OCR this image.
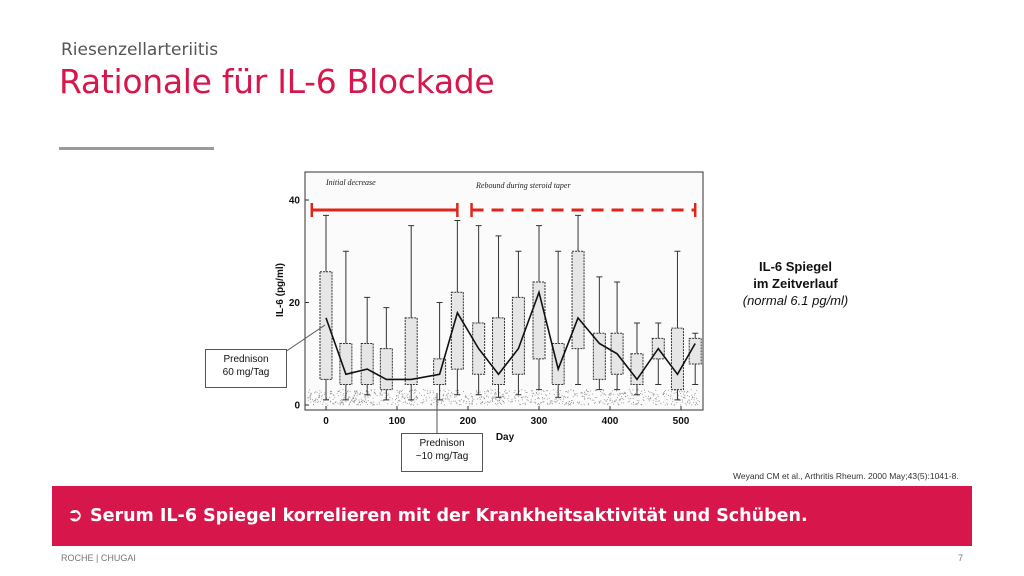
Riesenzellarteriitis
Rationale für IL-6 Blockade
0	100	200	300	400	500
0
20
40
Initial decrease	Rebound during steroid taper
Day
IL-6 (pg/ml)
Prednison
60 mg/Tag
Prednison
~10 mg/Tag
IL-6 Spiegel
im Zeitverlauf
(normal 6.1 pg/ml)
Weyand CM et al., Arthritis Rheum. 2000 May;43(5):1041-8.
➲ Serum IL-6 Spiegel korrelieren mit der Krankheitsaktivität und Schüben.
ROCHE | CHUGAI	7
